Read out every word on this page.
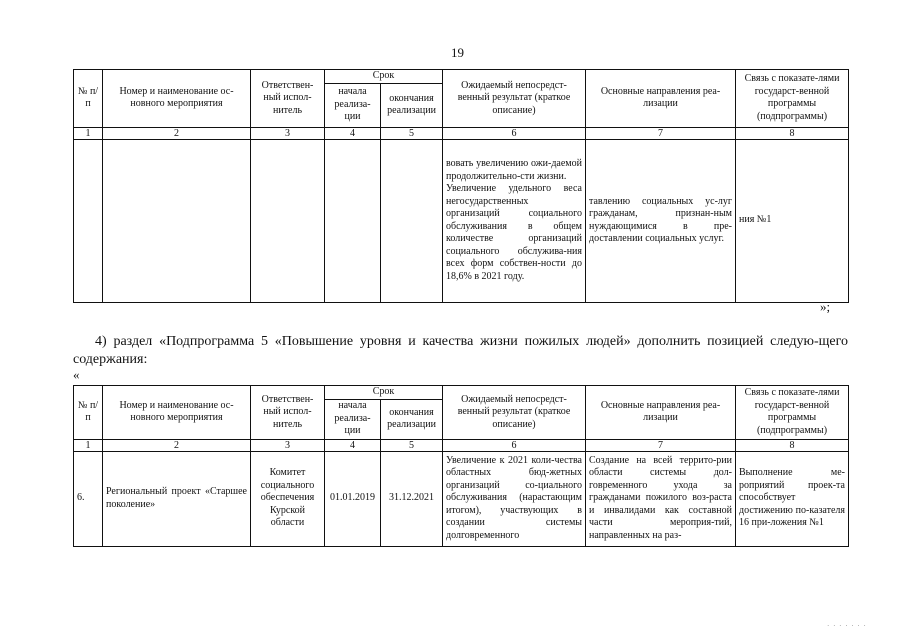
19
№ п/п	Номер и наименование ос-новного мероприятия	Ответствен-ный испол-нитель	Срок		Ожидаемый непосредст-венный результат (краткое описание)	Основные направления реа-лизации	Связь с показате-лями государст-венной программы (подпрограммы)
			начала реализа-ции	окончания реализации			
1	2	3	4	5	6	7	8

					вовать увеличению ожи-даемой продолжительно-сти жизни.
Увеличение удельного веса негосударственных организаций социального обслуживания в общем количестве организаций социального обслужива-ния всех форм собствен-ности до 18,6% в 2021 году.	тавлению социальных ус-луг гражданам, признан-ным нуждающимися в пре-доставлении социальных услуг.	ния №1
»;
4) раздел «Подпрограмма 5 «Повышение уровня и качества жизни пожилых людей» дополнить позицией следую-щего содержания:
«
№ п/п	Номер и наименование ос-новного мероприятия	Ответствен-ный испол-нитель	Срок		Ожидаемый непосредст-венный результат (краткое описание)	Основные направления реа-лизации	Связь с показате-лями государст-венной программы (подпрограммы)
			начала реализа-ции	окончания реализации			
1	2	3	4	5	6	7	8
6.	Региональный проект «Старшее поколение»	Комитет социального обеспечения Курской области	01.01.2019	31.12.2021	Увеличение к 2021 коли-чества областных бюд-жетных организаций со-циального обслуживания (нарастающим итогом), участвующих в создании системы долговременного	Создание на всей террито-рии области системы дол-говременного ухода за гражданами пожилого воз-раста и инвалидами как составной части мероприя-тий, направленных на раз-	Выполнение ме-роприятий проек-та способствует достижению по-казателя 16 при-ложения №1
· · · · · · ·
